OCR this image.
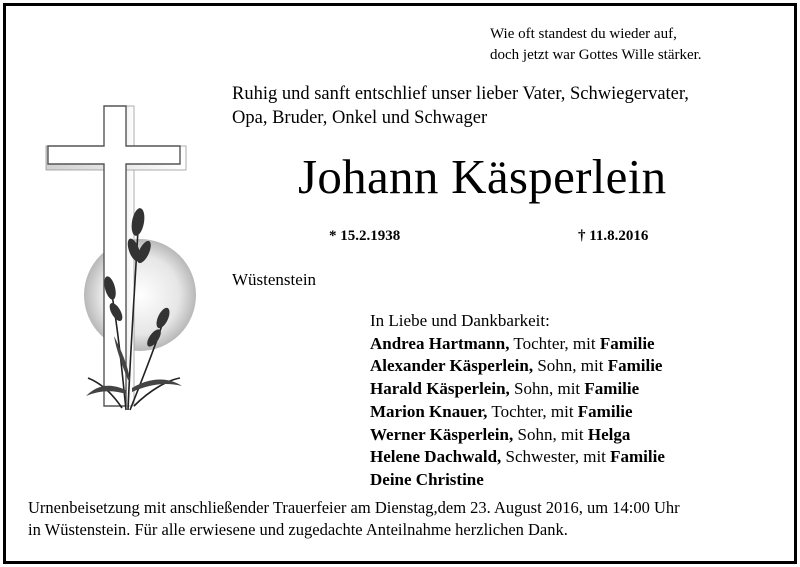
Wie oft standest du wieder auf,
doch jetzt war Gottes Wille stärker.
Ruhig und sanft entschlief unser lieber Vater, Schwiegervater,
Opa, Bruder, Onkel und Schwager
Johann Käsperlein
* 15.2.1938	† 11.8.2016
Wüstenstein
In Liebe und Dankbarkeit:
Andrea Hartmann, Tochter, mit Familie
Alexander Käsperlein, Sohn, mit Familie
Harald Käsperlein, Sohn, mit Familie
Marion Knauer, Tochter, mit Familie
Werner Käsperlein, Sohn, mit Helga
Helene Dachwald, Schwester, mit Familie
Deine Christine
Urnenbeisetzung mit anschließender Trauerfeier am Dienstag,dem 23. August 2016, um 14:00 Uhr
in Wüstenstein. Für alle erwiesene und zugedachte Anteilnahme herzlichen Dank.
